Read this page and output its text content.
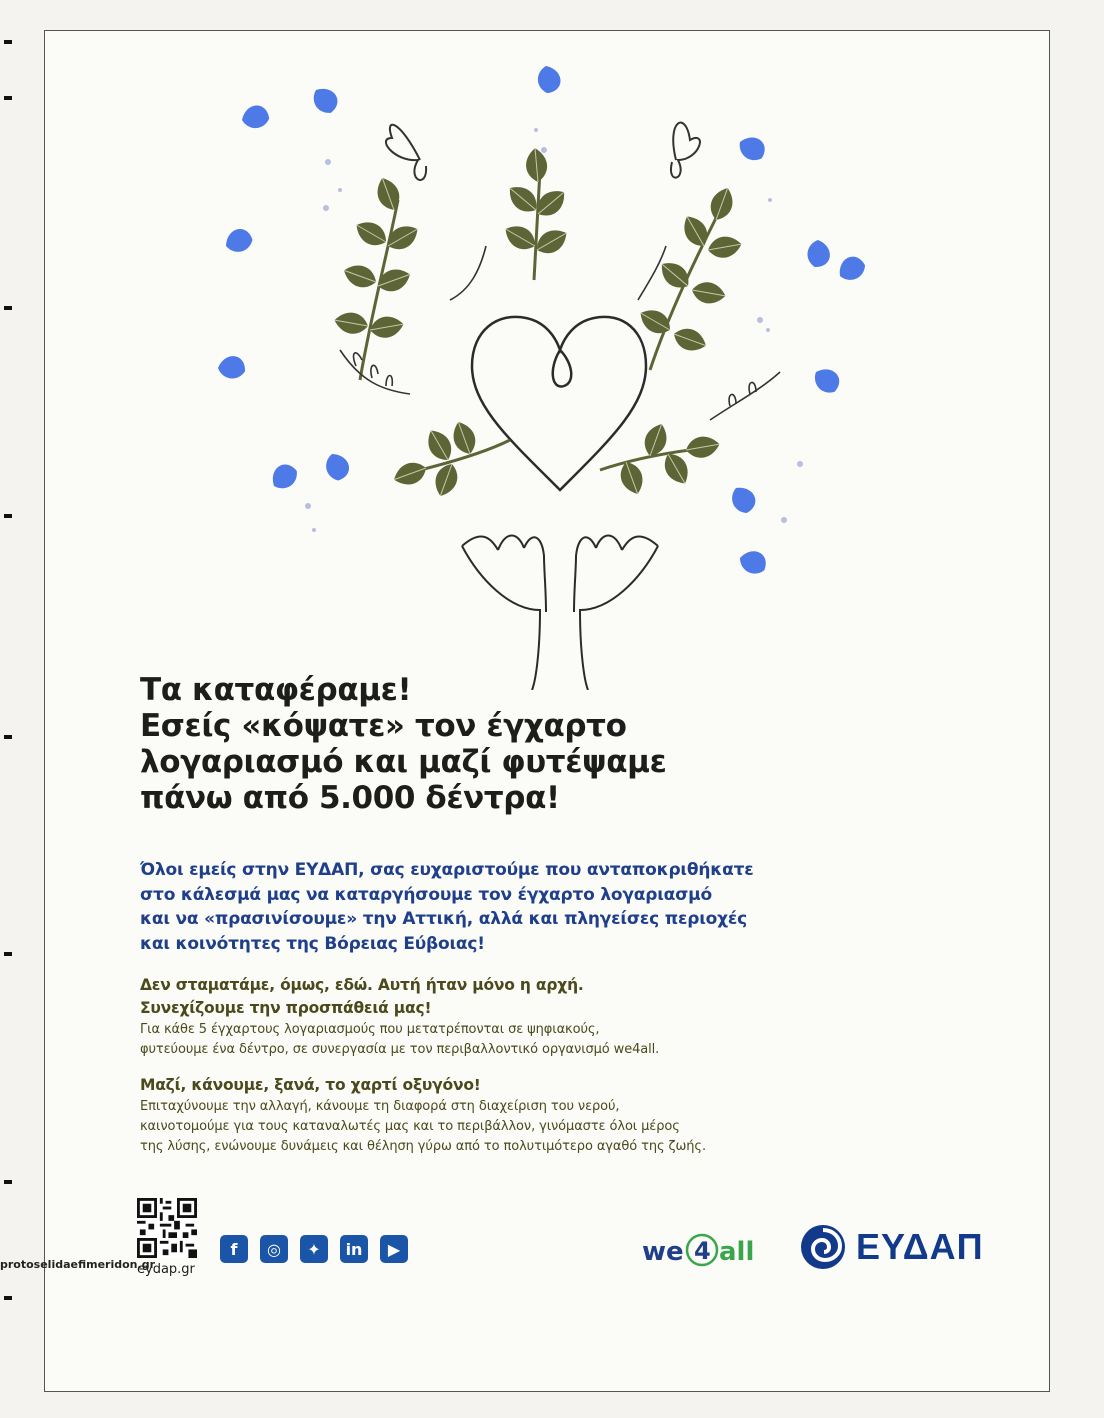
Τα καταφέραμε!
Εσείς «κόψατε» τον έγχαρτο
λογαριασμό και μαζί φυτέψαμε
πάνω από 5.000 δέντρα!

Όλοι εμείς στην ΕΥΔΑΠ, σας ευχαριστούμε που ανταποκριθήκατε
στο κάλεσμά μας να καταργήσουμε τον έγχαρτο λογαριασμό
και να «πρασινίσουμε» την Αττική, αλλά και πληγείσες περιοχές
και κοινότητες της Βόρειας Εύβοιας!

Δεν σταματάμε, όμως, εδώ. Αυτή ήταν μόνο η αρχή.
Συνεχίζουμε την προσπάθειά μας!
Για κάθε 5 έγχαρτους λογαριασμούς που μετατρέπονται σε ψηφιακούς,
φυτεύουμε ένα δέντρο, σε συνεργασία με τον περιβαλλοντικό οργανισμό we4all.
Μαζί, κάνουμε, ξανά, το χαρτί οξυγόνο!
Επιταχύνουμε την αλλαγή, κάνουμε τη διαφορά στη διαχείριση του νερού,
καινοτομούμε για τους καταναλωτές μας και το περιβάλλον, γινόμαστε όλοι μέρος
της λύσης, ενώνουμε δυνάμεις και θέληση γύρω από το πολυτιμότερο αγαθό της ζωής.
eydap.gr
f	◎	✦	in	▶	we 4 all	ΕΥΔΑΠ
protoselidaefimeridon.gr
